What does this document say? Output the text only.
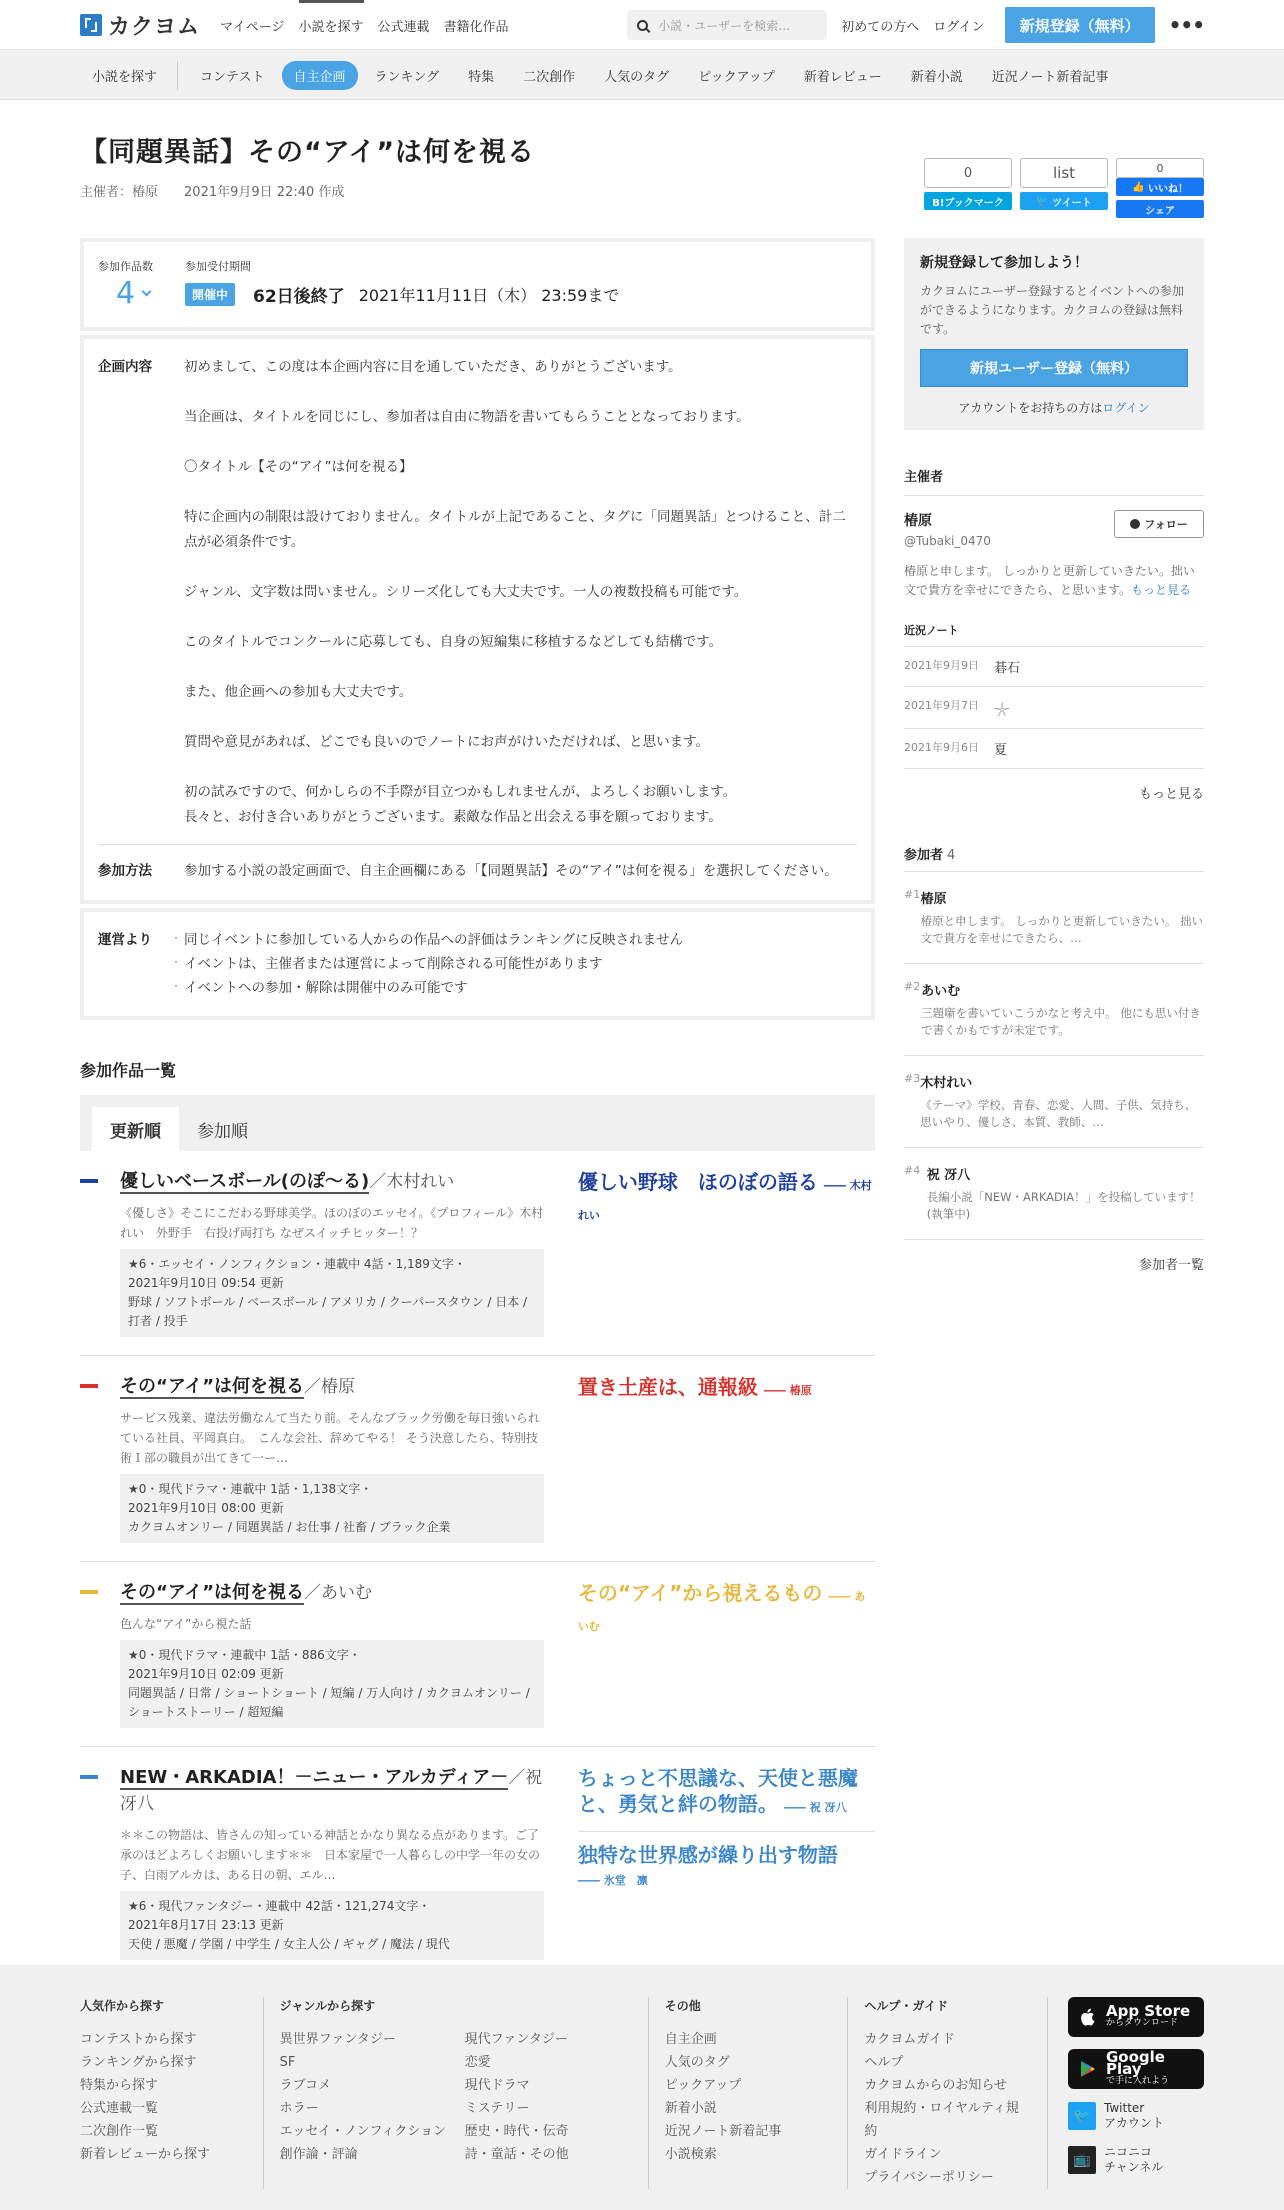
カクヨム マイページ 小説を探す 公式連載 書籍化作品	小説・ユーザーを検索…	初めての方へ ログイン	新規登録（無料）	•••
小説を探す	コンテスト	自主企画	ランキング	特集	二次創作	人気のタグ	ピックアップ	新着レビュー	新着小説	近況ノート新着記事
【同題異話】その“アイ”は何を視る
主催者：椿原　　 2021年9月9日 22:40 作成
0
B!ブックマーク
list
🐦 ツイート
0
👍 いいね！
シェア
参加作品数
4
参加受付期間
開催中	62日後終了 2021年11月11日（木） 23:59まで
企画内容	初めまして、この度は本企画内容に目を通していただき、ありがとうございます。

当企画は、タイトルを同じにし、参加者は自由に物語を書いてもらうこととなっております。

〇タイトル【その“アイ”は何を視る】

特に企画内の制限は設けておりません。タイトルが上記であること、タグに「同題異話」とつけること、計二点が必須条件です。

ジャンル、文字数は問いません。シリーズ化しても大丈夫です。一人の複数投稿も可能です。

このタイトルでコンクールに応募しても、自身の短編集に移植するなどしても結構です。

また、他企画への参加も大丈夫です。

質問や意見があれば、どこでも良いのでノートにお声がけいただければ、と思います。

初の試みですので、何かしらの不手際が目立つかもしれませんが、よろしくお願いします。

長々と、お付き合いありがとうございます。素敵な作品と出会える事を願っております。

参加方法	参加する小説の設定画面で、自主企画欄にある「【同題異話】その“アイ”は何を視る」を選択してください。

運営より	・ 同じイベントに参加している人からの作品への評価はランキングに反映されません
・ イベントは、主催者または運営によって削除される可能性があります
・ イベントへの参加・解除は開催中のみ可能です
参加作品一覧
更新順	参加順
優しいベースボール(のぽ〜る)／木村れい
《優しさ》そこにこだわる野球美学。ほのぼのエッセイ。《プロフィール》木村れい　外野手　右投げ両打ち なぜスイッチヒッター！？
★6・エッセイ・ノンフィクション・連載中 4話・1,189文字・
2021年9月10日 09:54 更新
野球 / ソフトボール / ベースボール / アメリカ / クーパースタウン / 日本 / 打者 / 投手
優しい野球　ほのぼの語る	―― 木村れい
その“アイ”は何を視る／椿原
サービス残業、違法労働なんて当たり前。そんなブラック労働を毎日強いられている社員、平岡真白。　こんな会社、辞めてやる！ そう決意したら、特別技術Ｉ部の職員が出てきて一ー…
★0・現代ドラマ・連載中 1話・1,138文字・
2021年9月10日 08:00 更新
カクヨムオンリー / 同題異話 / お仕事 / 社畜 / ブラック企業
置き土産は、通報級	―― 椿原
その“アイ”は何を視る／あいむ
色んな“アイ”から視た話
★0・現代ドラマ・連載中 1話・886文字・
2021年9月10日 02:09 更新
同題異話 / 日常 / ショートショート / 短編 / 万人向け / カクヨムオンリー / ショートストーリー / 超短編
その“アイ”から視えるもの	―― あいむ
NEW・ARKADIA！－ニュー・アルカディア－／祝 冴八
＊＊この物語は、皆さんの知っている神話とかなり異なる点があります。ご了承のほどよろしくお願いします＊＊　日本家屋で一人暮らしの中学一年の女の子、白雨アルカは、ある日の朝、エル…
★6・現代ファンタジー・連載中 42話・121,274文字・
2021年8月17日 23:13 更新
天使 / 悪魔 / 学園 / 中学生 / 女主人公 / ギャグ / 魔法 / 現代
ちょっと不思議な、天使と悪魔と、勇気と絆の物語。	―― 祝 冴八
独特な世界感が繰り出す物語
―― 氷堂　凛
新規登録して参加しよう！

カクヨムにユーザー登録するとイベントへの参加ができるようになります。カクヨムの登録は無料です。

新規ユーザー登録（無料）
アカウントをお持ちの方はログイン
主催者
椿原
@Tubaki_0470
フォロー
椿原と申します。 しっかりと更新していきたい。拙い文で貴方を幸せにできたら、と思います。もっと見る
近況ノート
2021年9月9日	碁石
2021年9月7日	𓇼
2021年9月6日	夏
もっと見る
参加者 4
#1 椿原
椿原と申します。 しっかりと更新していきたい。 拙い文で貴方を幸せにできたら、…
#2 あいむ
三題噺を書いていこうかなと考え中。 他にも思い付きで書くかもですが未定です。
#3 木村れい
《テーマ》学校、青春、恋愛、人間、子供、気持ち、思いやり、優しさ、本質、教師、…
#4 祝 冴八
長編小説「NEW・ARKADIA！」を投稿しています！(執筆中)
参加者一覧
人気作から探す
コンテストから探す
ランキングから探す
特集から探す
公式連載一覧
二次創作一覧
新着レビューから探す
ジャンルから探す
異世界ファンタジー
SF
ラブコメ
ホラー
エッセイ・ノンフィクション
創作論・評論
現代ファンタジー
恋愛
現代ドラマ
ミステリー
歴史・時代・伝奇
詩・童話・その他
その他
自主企画
人気のタグ
ピックアップ
新着小説
近況ノート新着記事
小説検索
ヘルプ・ガイド
カクヨムガイド
ヘルプ
カクヨムからのお知らせ
利用規約・ロイヤルティ規約
ガイドライン
プライバシーポリシー
App Store
からダウンロード
Google Play
で手に入れよう
🐦	Twitter
アカウント
📺	ニコニコ
チャンネル
